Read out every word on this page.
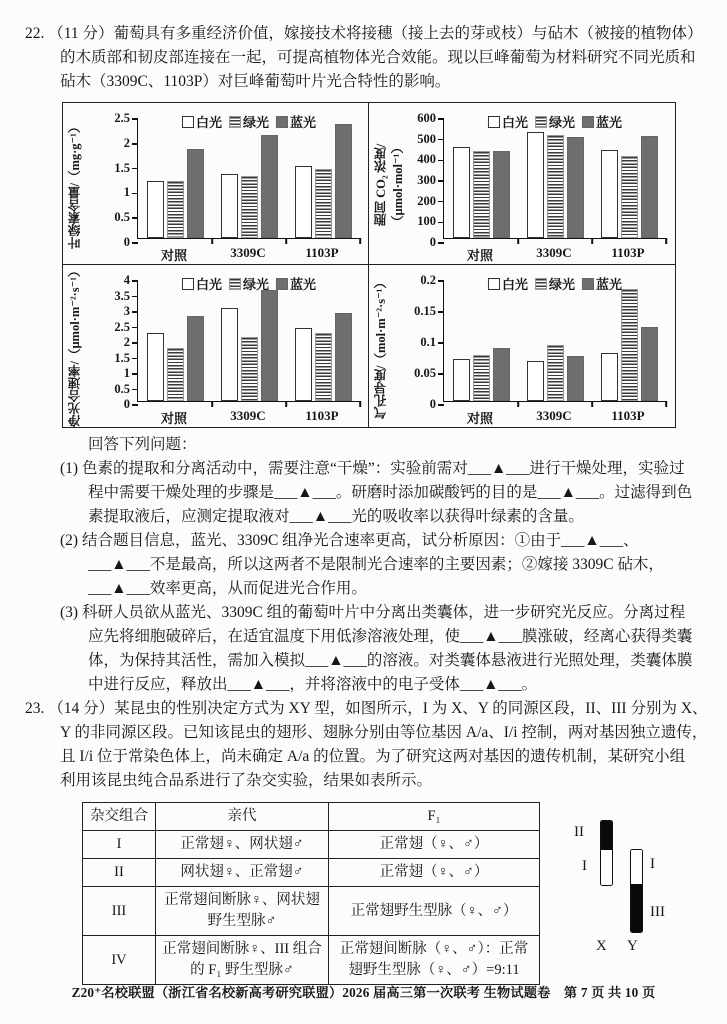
22. （11 分）葡萄具有多重经济价值，嫁接技术将接穗（接上去的芽或枝）与砧木（被接的植物体）
的木质部和韧皮部连接在一起，可提高植物体光合效能。现以巨峰葡萄为材料研究不同光质和
砧木（3309C、1103P）对巨峰葡萄叶片光合特性的影响。
叶绿素含量/（mg·g⁻¹）	白光 绿光 蓝光
0
0.5
1
1.5
2
2.5
对照	3309C	1103P
胞间 CO₂ 浓度/（μmol·mol⁻¹）
白光 绿光 蓝光
0
100
200
300
400
500
600
对照	3309C	1103P
净光合速率/（μmol·m⁻²·s⁻¹）	白光 绿光 蓝光
0
0.5
1
1.5
2
2.5
3
3.5
4
对照	3309C	1103P	气孔导度/（mol·m⁻²·s⁻¹）	白光 绿光 蓝光
0
0.05
0.1
0.15
0.2
对照	3309C	1103P
回答下列问题：
(1) 色素的提取和分离活动中，需要注意“干燥”：实验前需对___▲___进行干燥处理，实验过
程中需要干燥处理的步骤是___▲___。研磨时添加碳酸钙的目的是___▲___。过滤得到色
素提取液后，应测定提取液对___▲___光的吸收率以获得叶绿素的含量。
(2) 结合题目信息，蓝光、3309C 组净光合速率更高，试分析原因：①由于___▲___、
___▲___不是最高，所以这两者不是限制光合速率的主要因素；②嫁接 3309C 砧木，
___▲___效率更高，从而促进光合作用。
(3) 科研人员欲从蓝光、3309C 组的葡萄叶片中分离出类囊体，进一步研究光反应。分离过程
应先将细胞破碎后，在适宜温度下用低渗溶液处理，使___▲___膜涨破，经离心获得类囊
体，为保持其活性，需加入模拟___▲___的溶液。对类囊体悬液进行光照处理，类囊体膜
中进行反应，释放出___▲___，并将溶液中的电子受体___▲___。
23. （14 分）某昆虫的性别决定方式为 XY 型，如图所示，I 为 X、Y 的同源区段，II、III 分别为 X、
Y 的非同源区段。已知该昆虫的翅形、翅脉分别由等位基因 A/a、I/i 控制，两对基因独立遗传，
且 I/i 位于常染色体上，尚未确定 A/a 的位置。为了研究这两对基因的遗传机制，某研究小组
利用该昆虫纯合品系进行了杂交实验，结果如表所示。
杂交组合	亲代	F₁
I	正常翅♀、网状翅♂	正常翅（♀、♂）
II	网状翅♀、正常翅♂	正常翅（♀、♂）
III	正常翅间断脉♀、网状翅野生型脉♂	正常翅野生型脉（♀、♂）
IV	正常翅间断脉♀、III 组合的 F₁ 野生型脉♂	正常翅间断脉（♀、♂）：正常翅野生型脉（♀、♂）=9:11
II
I	I
III
X Y
Z20⁺名校联盟（浙江省名校新高考研究联盟）2026 届高三第一次联考 生物试题卷　第 7 页 共 10 页
